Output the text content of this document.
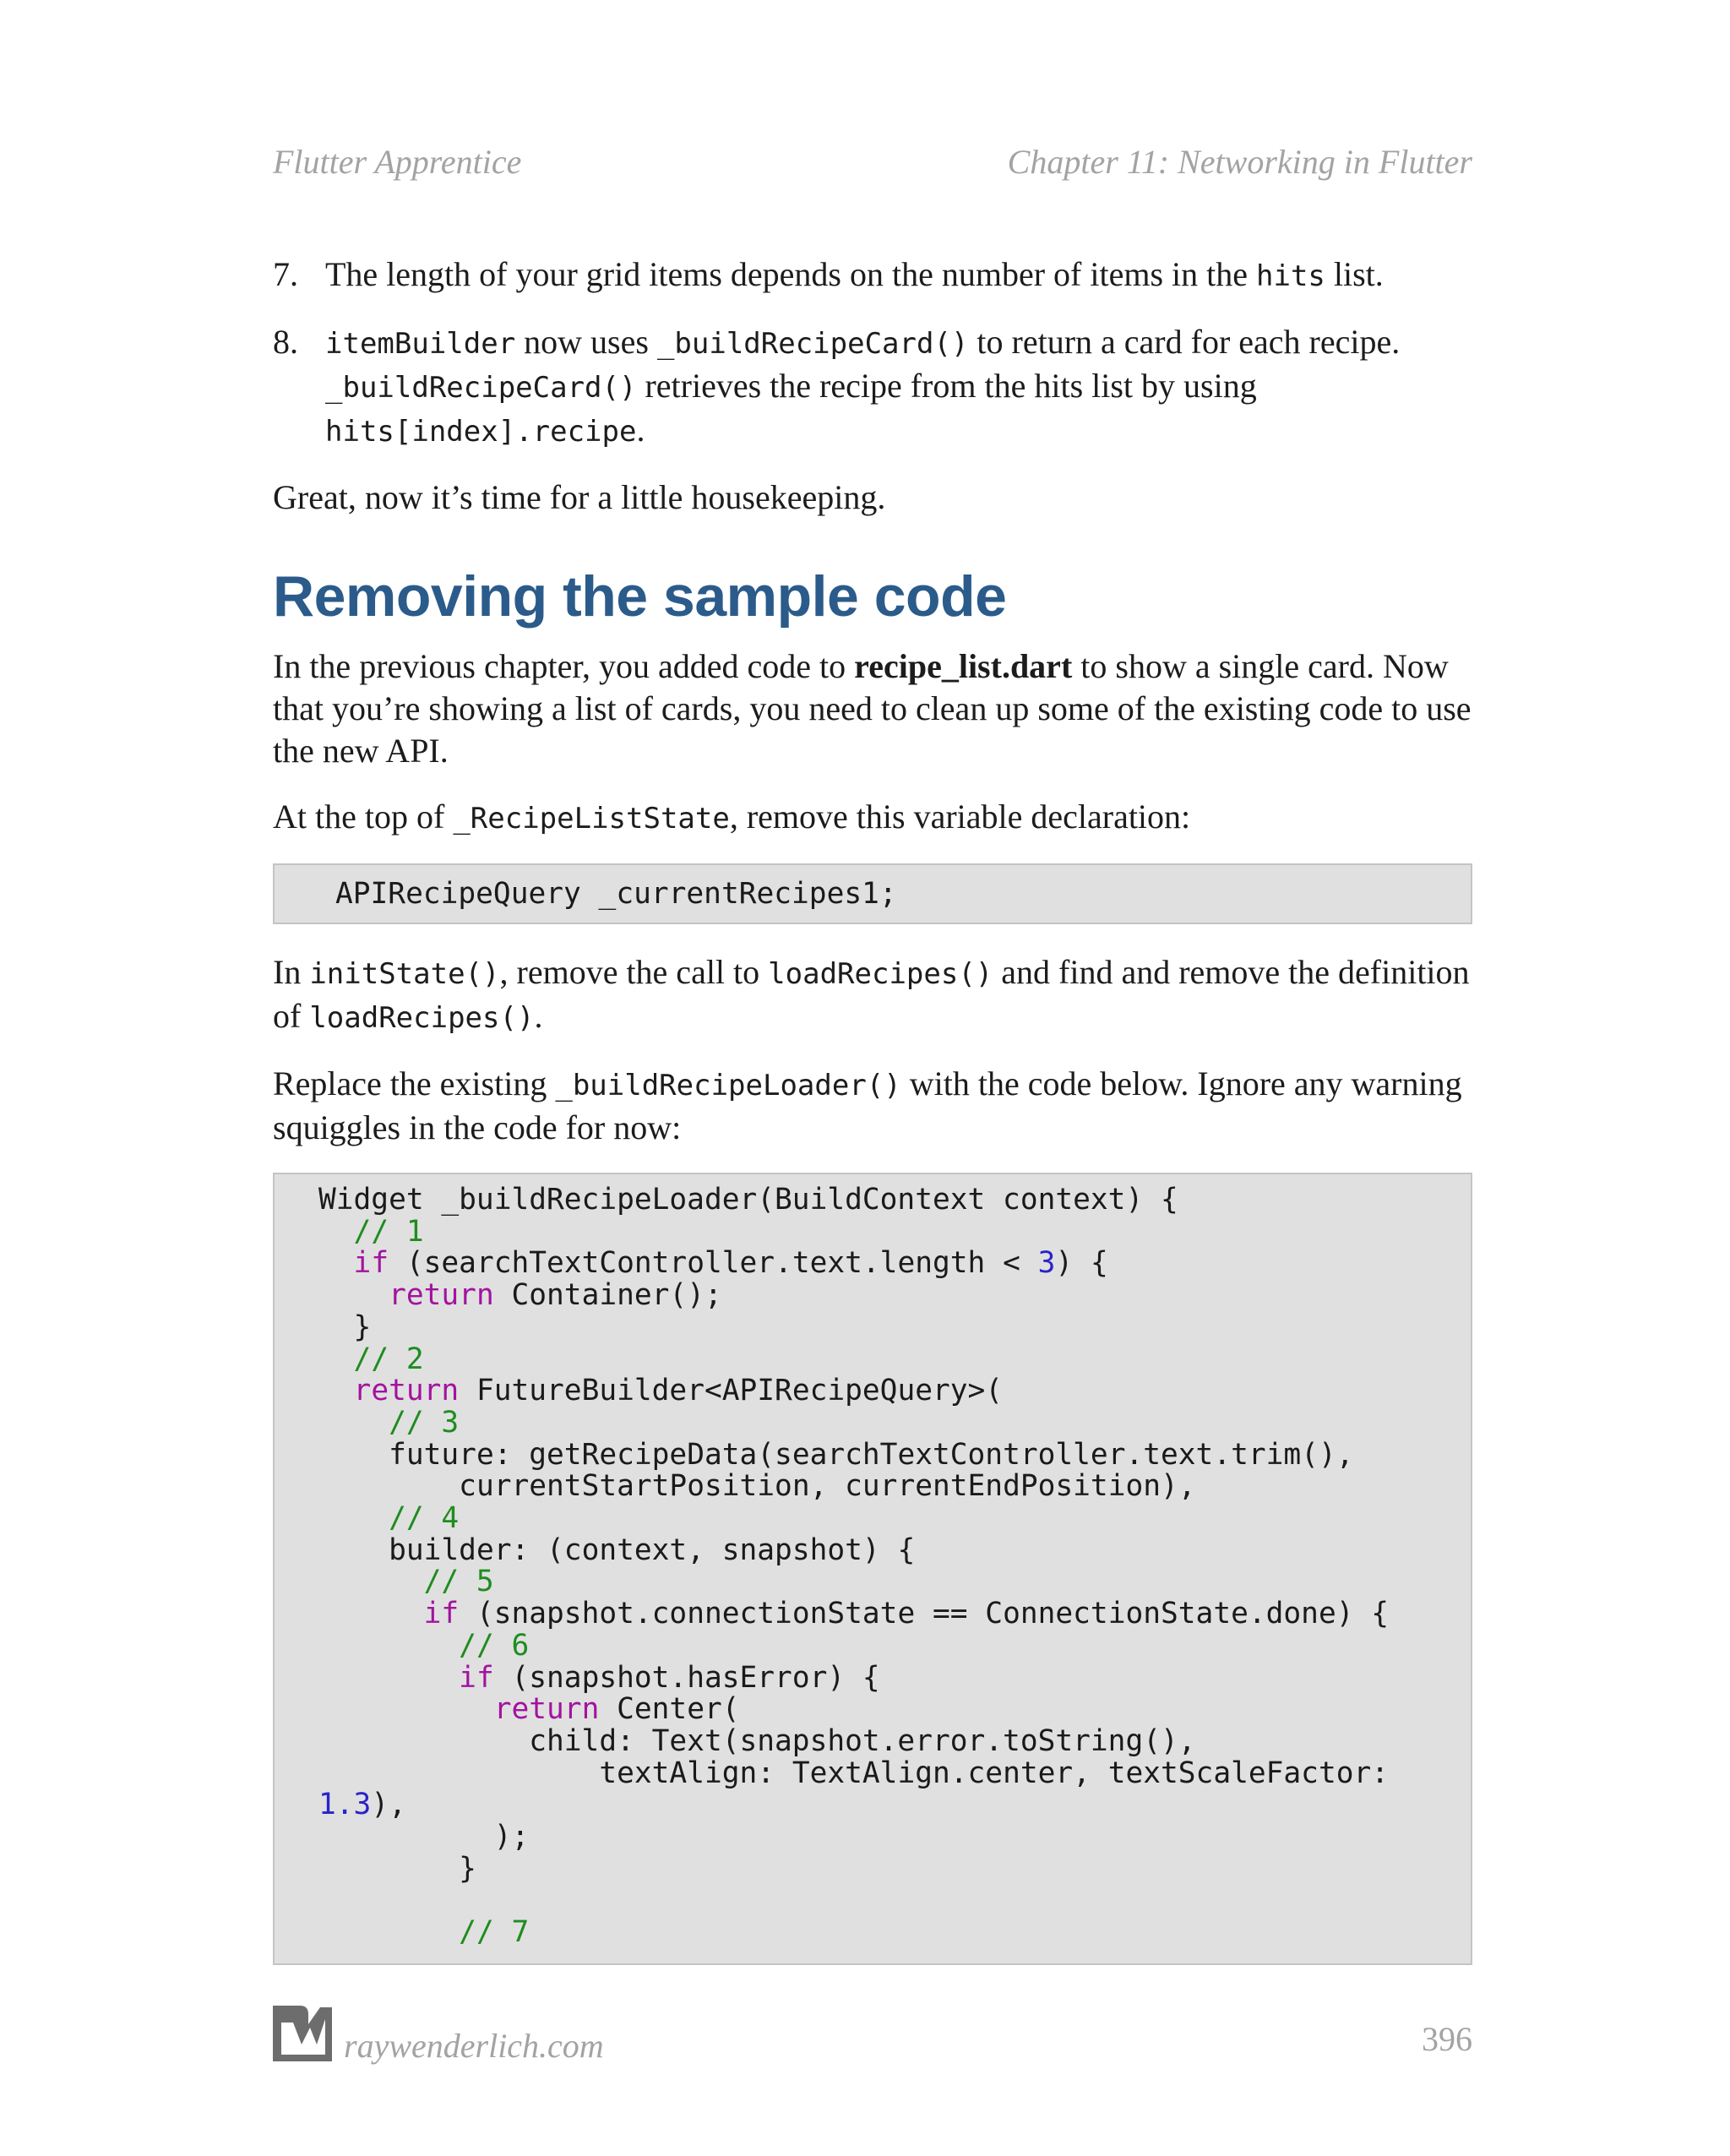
Flutter Apprentice	Chapter 11: Networking in Flutter
7. The length of your grid items depends on the number of items in the hits list.
8. itemBuilder now uses _buildRecipeCard() to return a card for each recipe.
_buildRecipeCard() retrieves the recipe from the hits list by using
hits[index].recipe.

Great, now it’s time for a little housekeeping.

Removing the sample code

In the previous chapter, you added code to recipe_list.dart to show a single card. Now that you’re showing a list of cards, you need to clean up some of the existing code to use the new API.

At the top of _RecipeListState, remove this variable declaration:

APIRecipeQuery _currentRecipes1;

In initState(), remove the call to loadRecipes() and find and remove the definition of loadRecipes().

Replace the existing _buildRecipeLoader() with the code below. Ignore any warning squiggles in the code for now:

Widget _buildRecipeLoader(BuildContext context) {
// 1
if (searchTextController.text.length < 3) {
return Container();
}
// 2
return FutureBuilder<APIRecipeQuery>(
// 3
future: getRecipeData(searchTextController.text.trim(),
currentStartPosition, currentEndPosition),
// 4
builder: (context, snapshot) {
// 5
if (snapshot.connectionState == ConnectionState.done) {
// 6
if (snapshot.hasError) {
return Center(
child: Text(snapshot.error.toString(),
textAlign: TextAlign.center, textScaleFactor:
1.3),
);
}

// 7
raywenderlich.com	396
